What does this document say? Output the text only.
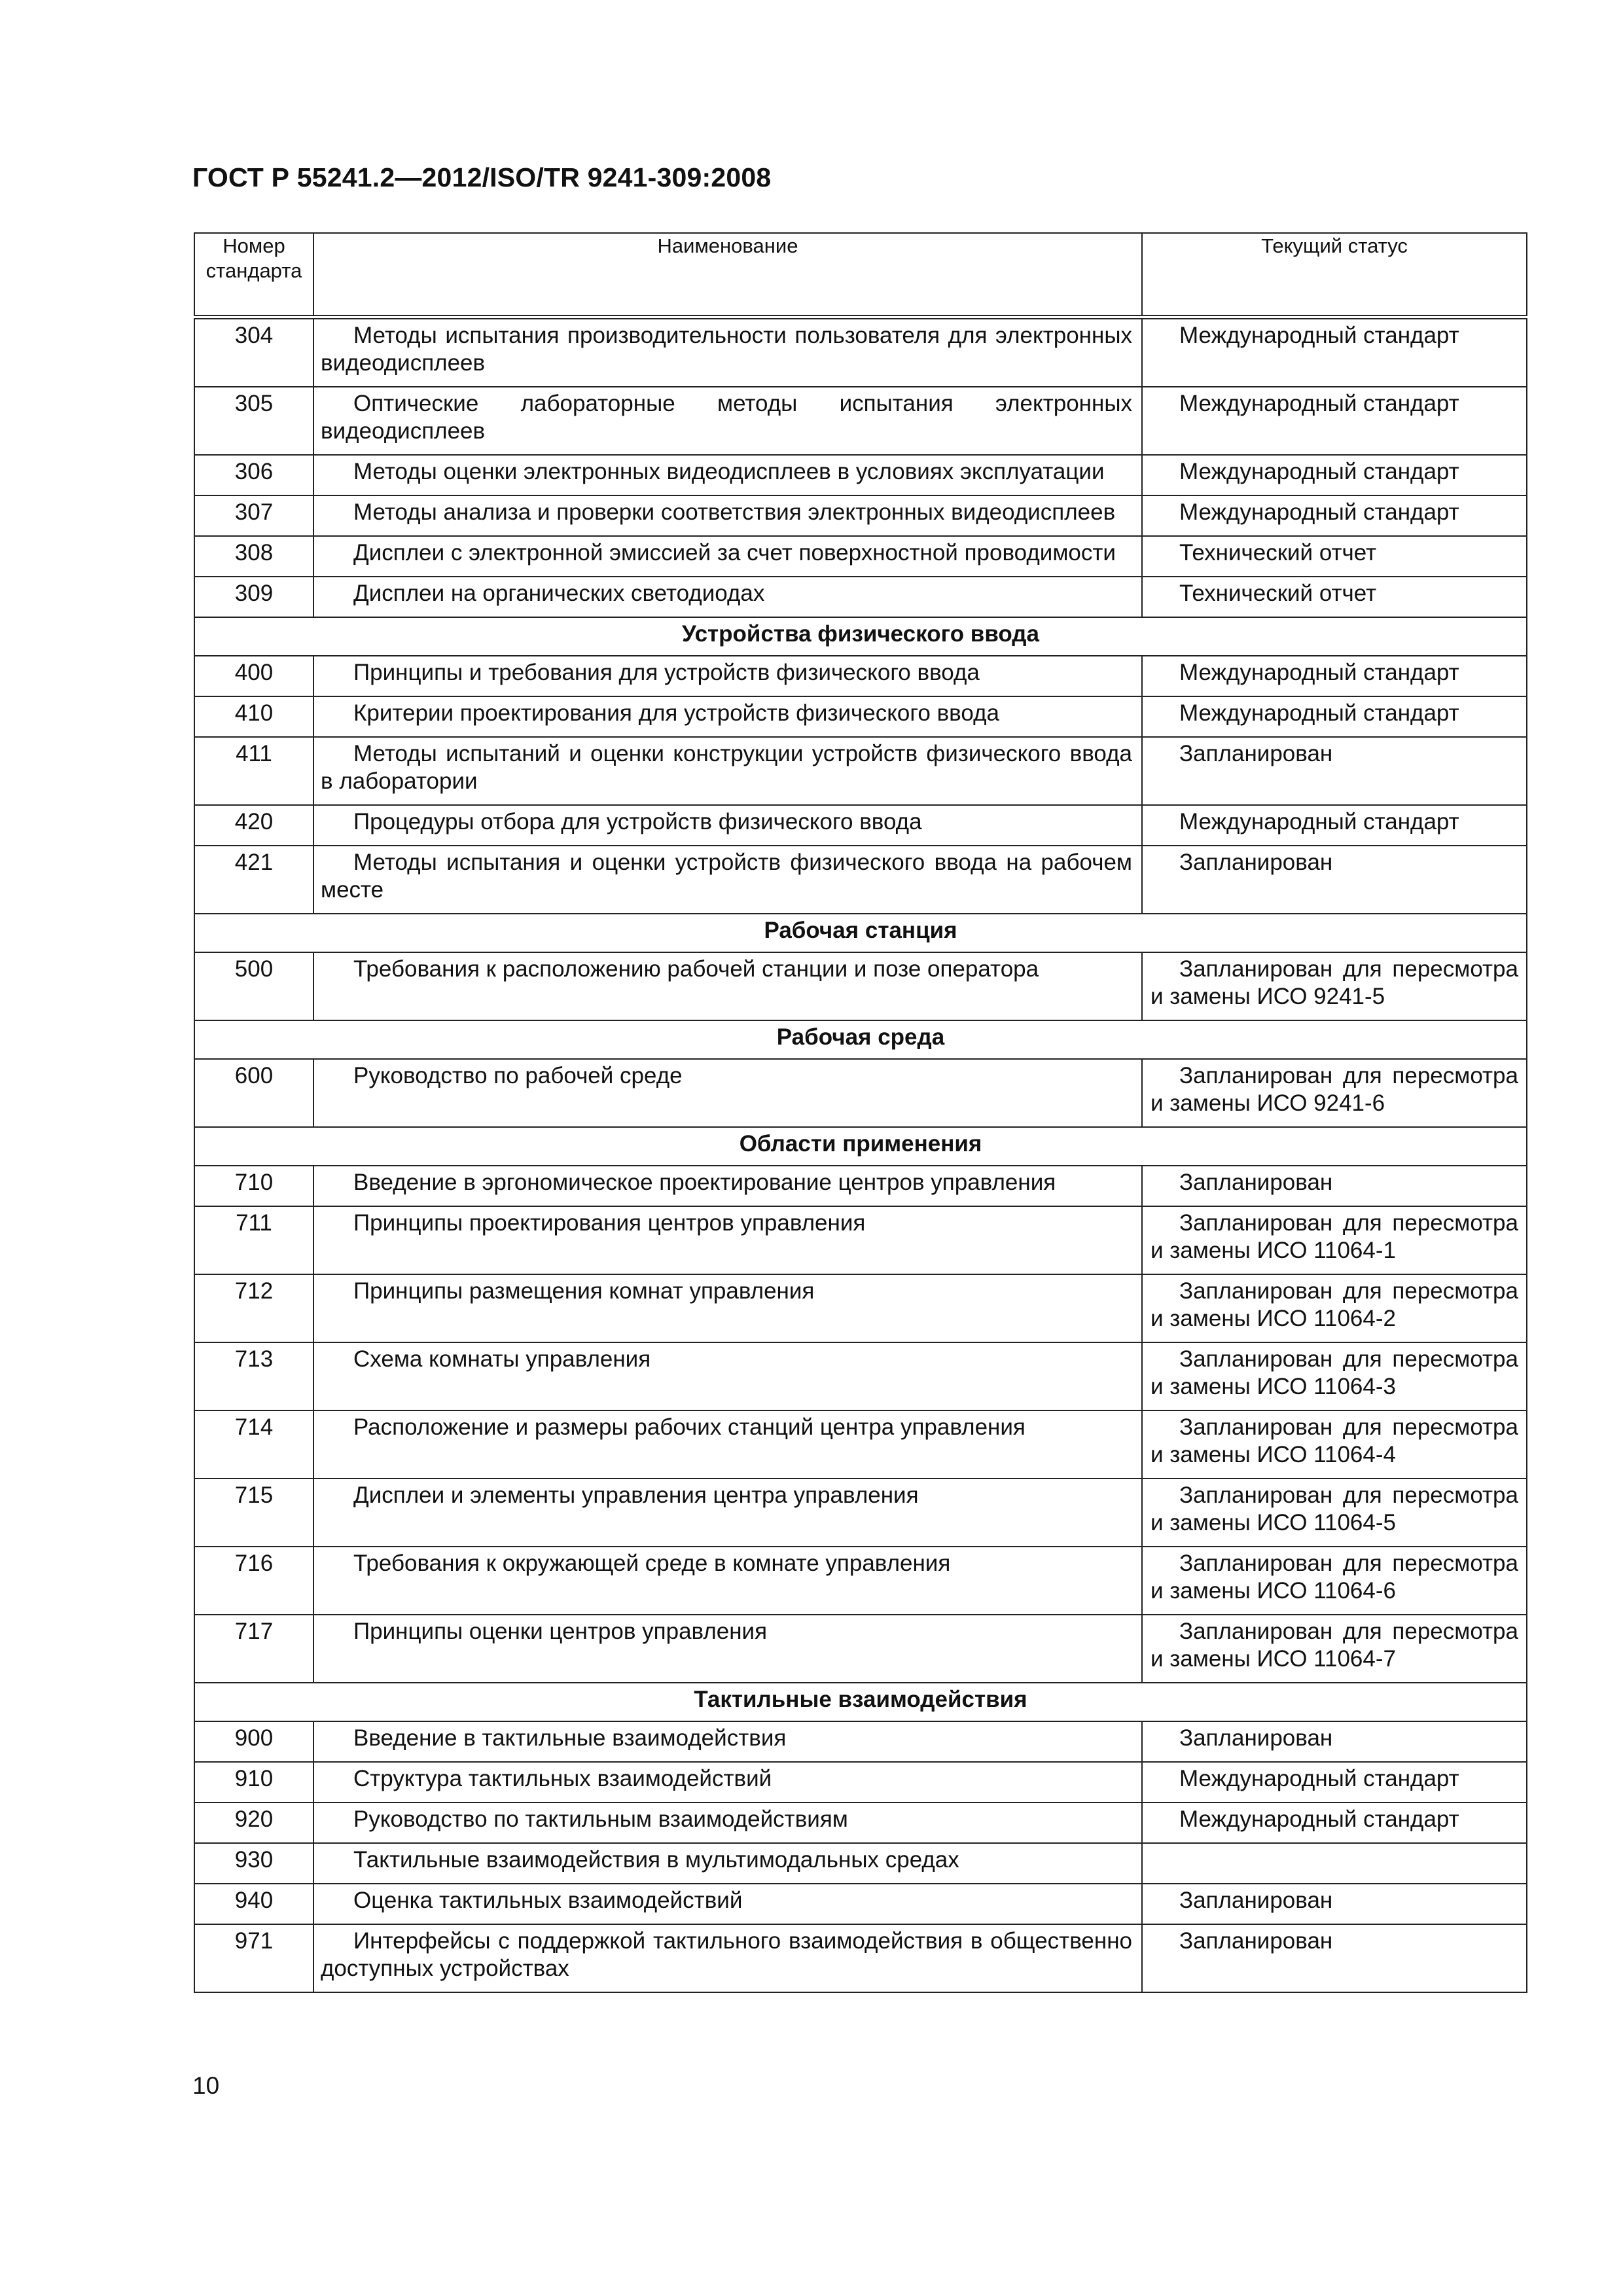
ГОСТ Р 55241.2—2012/ISO/TR 9241-309:2008
Номер стандарта	Наименование	Текущий статус
304	Методы испытания производительности пользователя для электронных видеодисплеев	Международный стандарт
305	Оптические лабораторные методы испытания электронных видеодисплеев	Международный стандарт
306	Методы оценки электронных видеодисплеев в условиях эксплуатации	Международный стандарт
307	Методы анализа и проверки соответствия электронных видеодисплеев	Международный стандарт
308	Дисплеи с электронной эмиссией за счет поверхностной проводимости	Технический отчет
309	Дисплеи на органических светодиодах	Технический отчет
Устройства физического ввода		
400	Принципы и требования для устройств физического ввода	Международный стандарт
410	Критерии проектирования для устройств физического ввода	Международный стандарт
411	Методы испытаний и оценки конструкции устройств физического ввода в лаборатории	Запланирован
420	Процедуры отбора для устройств физического ввода	Международный стандарт
421	Методы испытания и оценки устройств физического ввода на рабочем месте	Запланирован
Рабочая станция		
500	Требования к расположению рабочей станции и позе оператора	Запланирован для пересмотра и замены ИСО 9241-5
Рабочая среда		
600	Руководство по рабочей среде	Запланирован для пересмотра и замены ИСО 9241-6
Области применения		
710	Введение в эргономическое проектирование центров управления	Запланирован
711	Принципы проектирования центров управления	Запланирован для пересмотра и замены ИСО 11064-1
712	Принципы размещения комнат управления	Запланирован для пересмотра и замены ИСО 11064-2
713	Схема комнаты управления	Запланирован для пересмотра и замены ИСО 11064-3
714	Расположение и размеры рабочих станций центра управления	Запланирован для пересмотра и замены ИСО 11064-4
715	Дисплеи и элементы управления центра управления	Запланирован для пересмотра и замены ИСО 11064-5
716	Требования к окружающей среде в комнате управления	Запланирован для пересмотра и замены ИСО 11064-6
717	Принципы оценки центров управления	Запланирован для пересмотра и замены ИСО 11064-7
Тактильные взаимодействия		
900	Введение в тактильные взаимодействия	Запланирован
910	Структура тактильных взаимодействий	Международный стандарт
920	Руководство по тактильным взаимодействиям	Международный стандарт
930	Тактильные взаимодействия в мультимодальных средах	
940	Оценка тактильных взаимодействий	Запланирован
971	Интерфейсы с поддержкой тактильного взаимодействия в общественно доступных устройствах	Запланирован
10
